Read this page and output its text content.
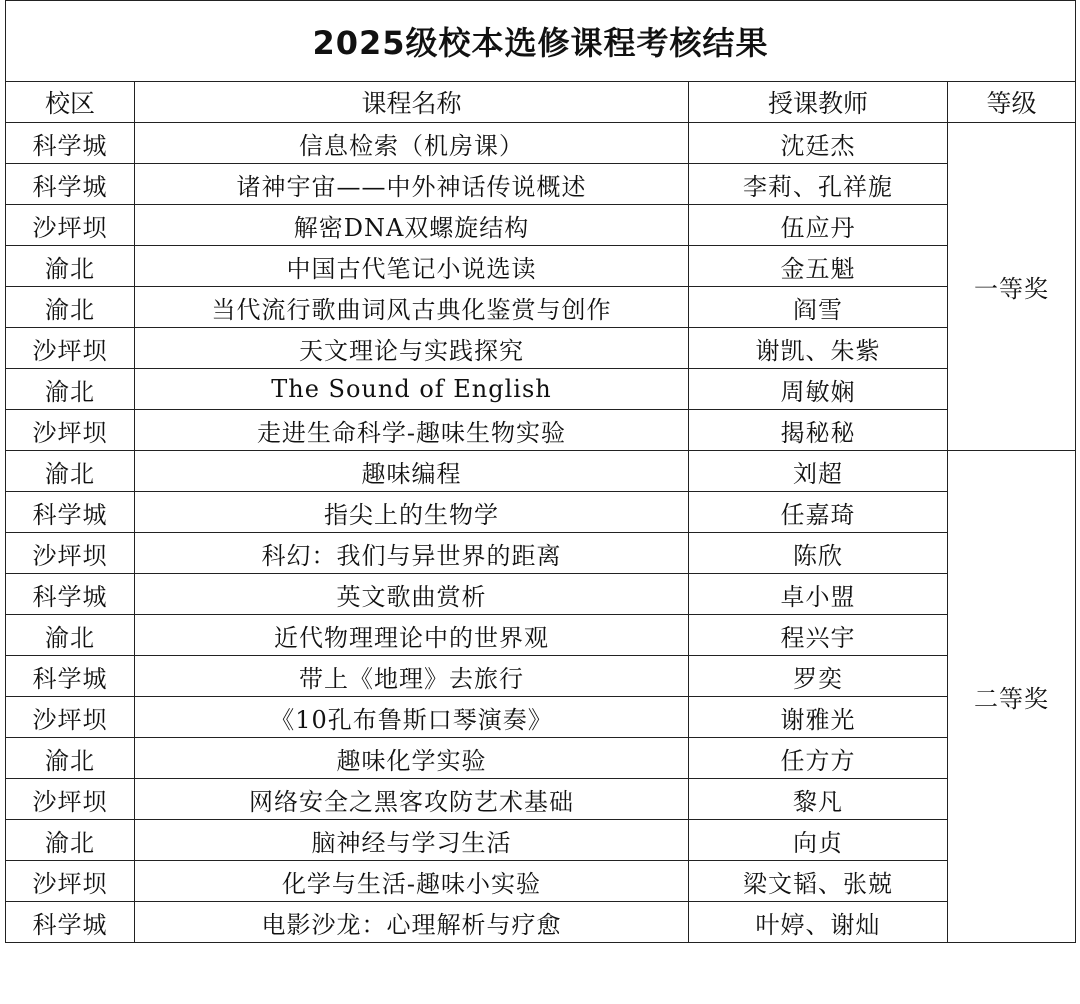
2025级校本选修课程考核结果			
校区	课程名称	授课教师	等级
科学城	信息检索（机房课）	沈廷杰	一等奖
科学城	诸神宇宙——中外神话传说概述	李莉、孔祥旎	
沙坪坝	解密DNA双螺旋结构	伍应丹	
渝北	中国古代笔记小说选读	金五魁	
渝北	当代流行歌曲词风古典化鉴赏与创作	阎雪	
沙坪坝	天文理论与实践探究	谢凯、朱紫	
渝北	The Sound of English	周敏娴	
沙坪坝	走进生命科学-趣味生物实验	揭秘秘	
渝北	趣味编程	刘超	二等奖
科学城	指尖上的生物学	任嘉琦	
沙坪坝	科幻：我们与异世界的距离	陈欣	
科学城	英文歌曲赏析	卓小盟	
渝北	近代物理理论中的世界观	程兴宇	
科学城	带上《地理》去旅行	罗奕	
沙坪坝	《10孔布鲁斯口琴演奏》	谢雅光	
渝北	趣味化学实验	任方方	
沙坪坝	网络安全之黑客攻防艺术基础	黎凡	
渝北	脑神经与学习生活	向贞	
沙坪坝	化学与生活-趣味小实验	梁文韬、张兢	
科学城	电影沙龙：心理解析与疗愈	叶婷、谢灿	
